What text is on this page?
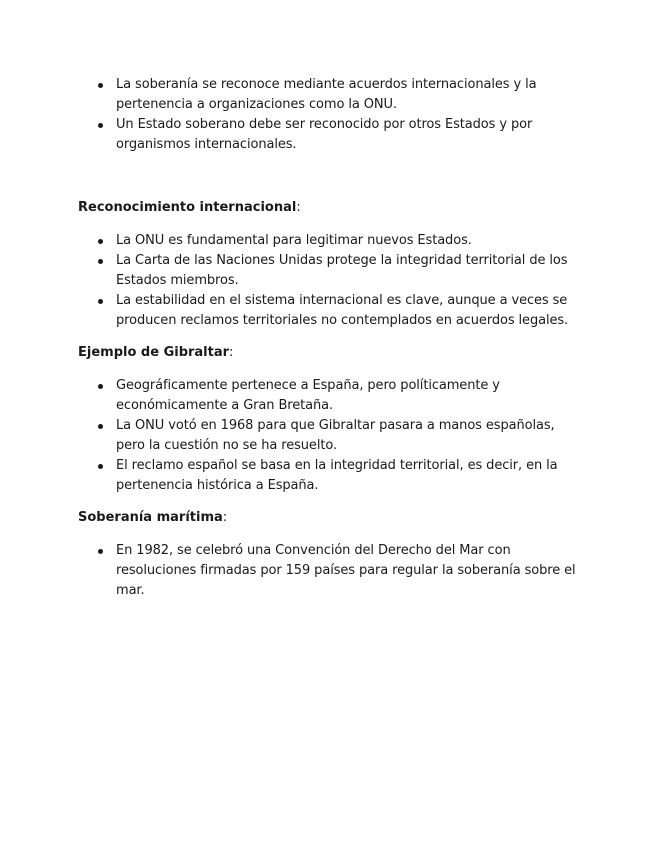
La soberanía se reconoce mediante acuerdos internacionales y la pertenencia a organizaciones como la ONU.
Un Estado soberano debe ser reconocido por otros Estados y por organismos internacionales.

Reconocimiento internacional:

La ONU es fundamental para legitimar nuevos Estados.
La Carta de las Naciones Unidas protege la integridad territorial de los Estados miembros.
La estabilidad en el sistema internacional es clave, aunque a veces se producen reclamos territoriales no contemplados en acuerdos legales.

Ejemplo de Gibraltar:

Geográficamente pertenece a España, pero políticamente y económicamente a Gran Bretaña.
La ONU votó en 1968 para que Gibraltar pasara a manos españolas, pero la cuestión no se ha resuelto.
El reclamo español se basa en la integridad territorial, es decir, en la pertenencia histórica a España.

Soberanía marítima:

En 1982, se celebró una Convención del Derecho del Mar con resoluciones firmadas por 159 países para regular la soberanía sobre el mar.
